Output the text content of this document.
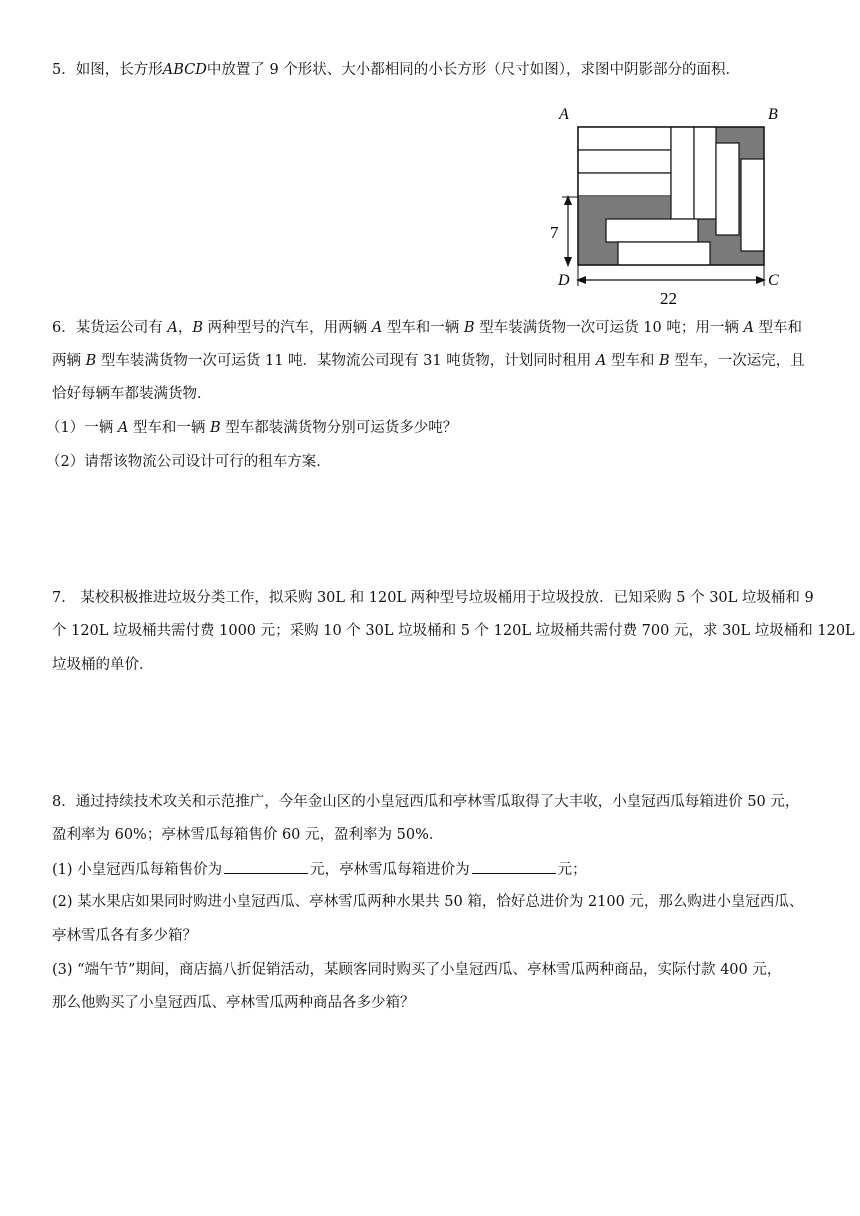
5．如图，长方形ABCD中放置了 9 个形状、大小都相同的小长方形（尺寸如图），求图中阴影部分的面积．
A	B
D	C
7
22
6．某货运公司有 A，B 两种型号的汽车，用两辆 A 型车和一辆 B 型车装满货物一次可运货 10 吨；用一辆 A 型车和
两辆 B 型车装满货物一次可运货 11 吨．某物流公司现有 31 吨货物，计划同时租用 A 型车和 B 型车，一次运完，且
恰好每辆车都装满货物．
（1）一辆 A 型车和一辆 B 型车都装满货物分别可运货多少吨？
（2）请帮该物流公司设计可行的租车方案．
7． 某校积极推进垃圾分类工作，拟采购 30L 和 120L 两种型号垃圾桶用于垃圾投放．已知采购 5 个 30L 垃圾桶和 9
个 120L 垃圾桶共需付费 1000 元；采购 10 个 30L 垃圾桶和 5 个 120L 垃圾桶共需付费 700 元，求 30L 垃圾桶和 120L
垃圾桶的单价．
8．通过持续技术攻关和示范推广，今年金山区的小皇冠西瓜和亭林雪瓜取得了大丰收，小皇冠西瓜每箱进价 50 元，
盈利率为 60%；亭林雪瓜每箱售价 60 元，盈利率为 50%．
(1) 小皇冠西瓜每箱售价为	元，亭林雪瓜每箱进价为	元；
(2) 某水果店如果同时购进小皇冠西瓜、亭林雪瓜两种水果共 50 箱，恰好总进价为 2100 元，那么购进小皇冠西瓜、
亭林雪瓜各有多少箱？
(3) “端午节”期间，商店搞八折促销活动，某顾客同时购买了小皇冠西瓜、亭林雪瓜两种商品，实际付款 400 元，
那么他购买了小皇冠西瓜、亭林雪瓜两种商品各多少箱？
